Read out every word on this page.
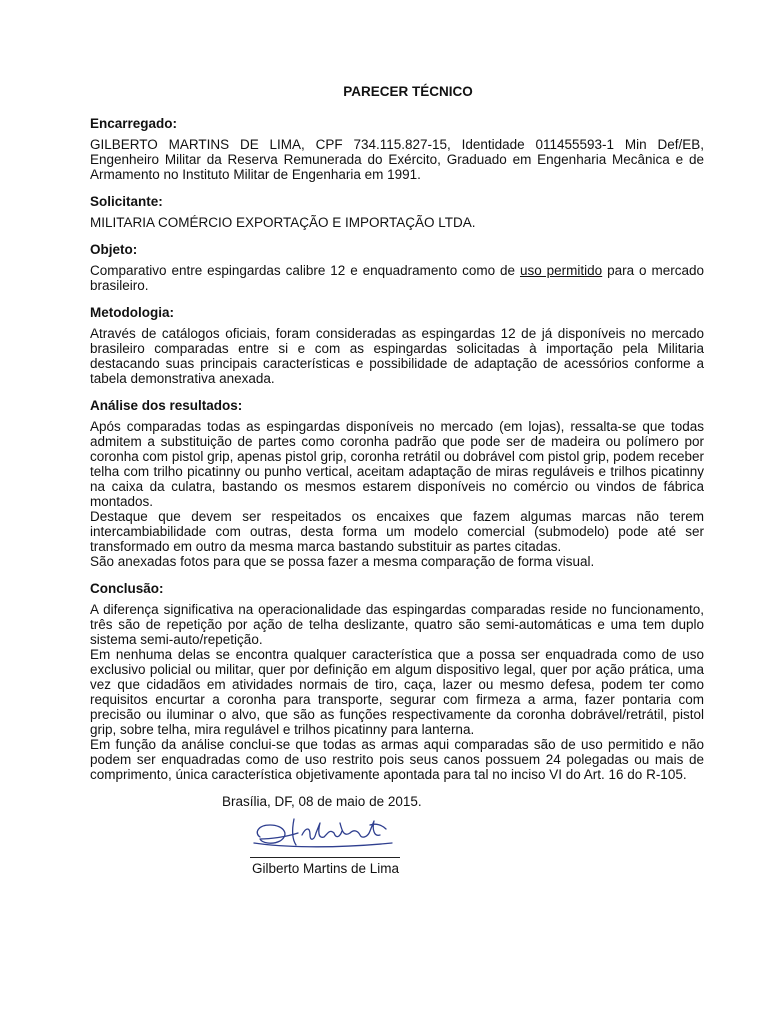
PARECER TÉCNICO
Encarregado:

GILBERTO MARTINS DE LIMA, CPF 734.115.827-15, Identidade 011455593-1 Min Def/EB, Engenheiro Militar da Reserva Remunerada do Exército, Graduado em Engenharia Mecânica e de Armamento no Instituto Militar de Engenharia em 1991.

Solicitante:

MILITARIA COMÉRCIO EXPORTAÇÃO E IMPORTAÇÃO LTDA.

Objeto:

Comparativo entre espingardas calibre 12 e enquadramento como de uso permitido para o mercado brasileiro.

Metodologia:

Através de catálogos oficiais, foram consideradas as espingardas 12 de já disponíveis no mercado brasileiro comparadas entre si e com as espingardas solicitadas à importação pela Militaria destacando suas principais características e possibilidade de adaptação de acessórios conforme a tabela demonstrativa anexada.

Análise dos resultados:

Após comparadas todas as espingardas disponíveis no mercado (em lojas), ressalta-se que todas admitem a substituição de partes como coronha padrão que pode ser de madeira ou polímero por coronha com pistol grip, apenas pistol grip, coronha retrátil ou dobrável com pistol grip, podem receber telha com trilho picatinny ou punho vertical, aceitam adaptação de miras reguláveis e trilhos picatinny na caixa da culatra, bastando os mesmos estarem disponíveis no comércio ou vindos de fábrica montados.

Destaque que devem ser respeitados os encaixes que fazem algumas marcas não terem intercambiabilidade com outras, desta forma um modelo comercial (submodelo) pode até ser transformado em outro da mesma marca bastando substituir as partes citadas.

São anexadas fotos para que se possa fazer a mesma comparação de forma visual.

Conclusão:

A diferença significativa na operacionalidade das espingardas comparadas reside no funcionamento, três são de repetição por ação de telha deslizante, quatro são semi-automáticas e uma tem duplo sistema semi-auto/repetição.

Em nenhuma delas se encontra qualquer característica que a possa ser enquadrada como de uso exclusivo policial ou militar, quer por definição em algum dispositivo legal, quer por ação prática, uma vez que cidadãos em atividades normais de tiro, caça, lazer ou mesmo defesa, podem ter como requisitos encurtar a coronha para transporte, segurar com firmeza a arma, fazer pontaria com precisão ou iluminar o alvo, que são as funções respectivamente da coronha dobrável/retrátil, pistol grip, sobre telha, mira regulável e trilhos picatinny para lanterna.

Em função da análise conclui-se que todas as armas aqui comparadas são de uso permitido e não podem ser enquadradas como de uso restrito pois seus canos possuem 24 polegadas ou mais de comprimento, única característica objetivamente apontada para tal no inciso VI do Art. 16 do R-105.

Brasília, DF, 08 de maio de 2015.
Gilberto Martins de Lima
